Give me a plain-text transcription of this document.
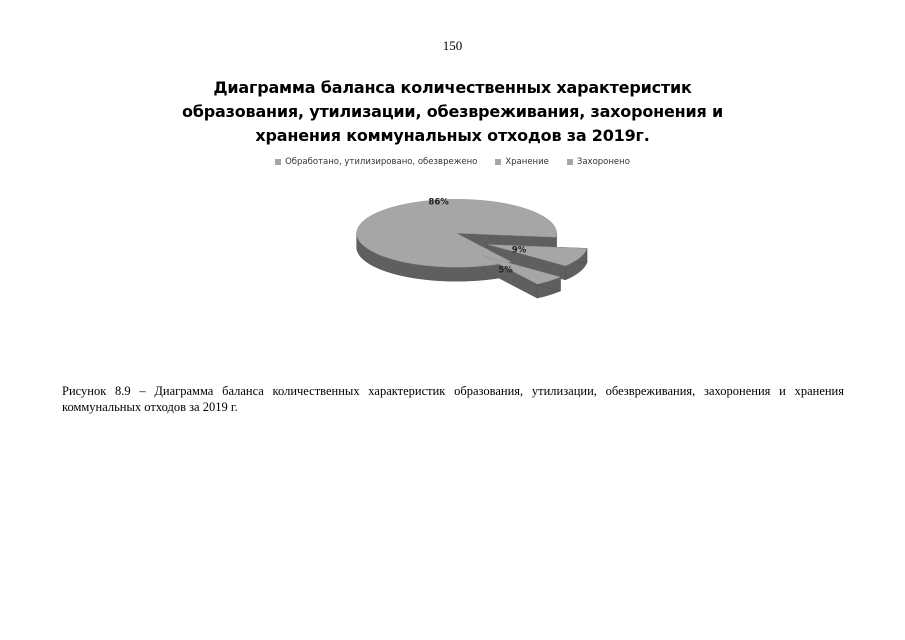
150
Диаграмма баланса количественных характеристик
образования, утилизации, обезвреживания, захоронения и
хранения коммунальных отходов за 2019г.
Обработано, утилизировано, обезврежено	Хранение	Захоронено
86%
9%
5%
Рисунок 8.9 – Диаграмма баланса количественных характеристик образования, утилизации, обезвреживания, захоронения и хранения коммунальных отходов за 2019 г.
